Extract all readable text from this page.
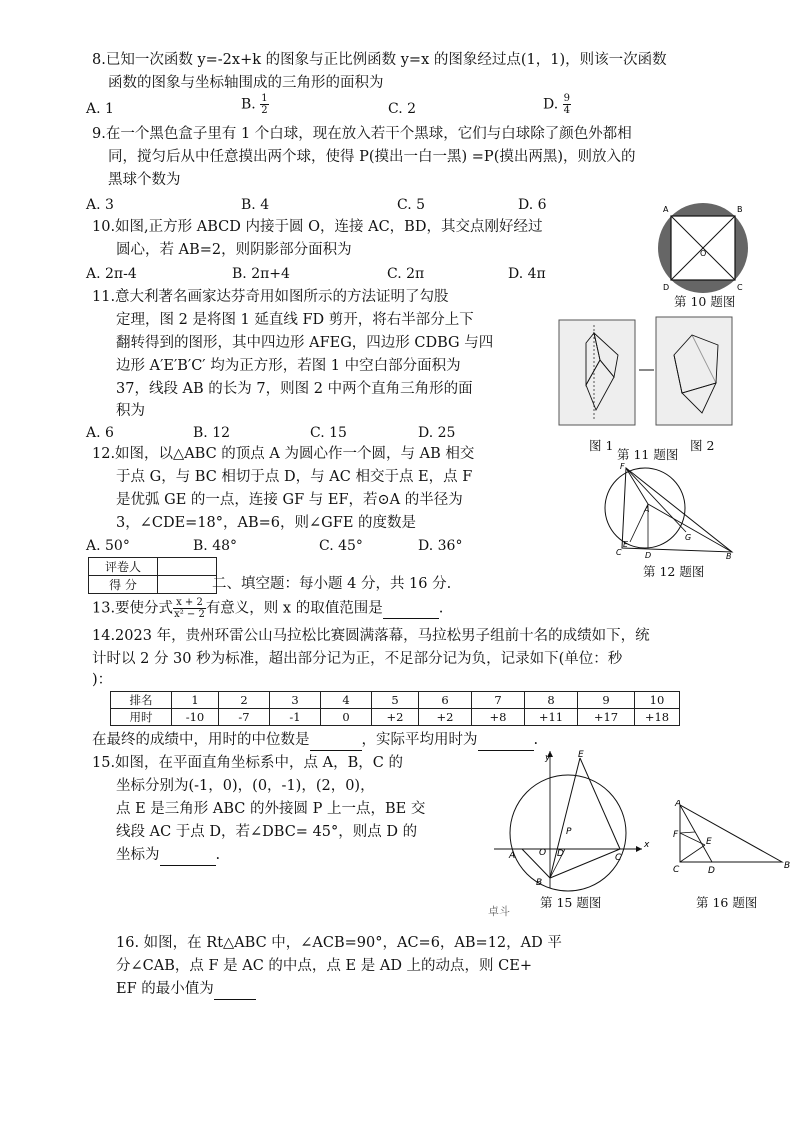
8.已知一次函数 y=-2x+k 的图象与正比例函数 y=x 的图象经过点(1，1)，则该一次函数
函数的图象与坐标轴围成的三角形的面积为
A. 1	B. $\frac{1}{2}$	C. 2	D. $\frac{9}{4}$
9.在一个黑色盒子里有 1 个白球，现在放入若干个黑球，它们与白球除了颜色外都相
同，搅匀后从中任意摸出两个球，使得 P(摸出一白一黑) =P(摸出两黑)，则放入的
黑球个数为
A. 3	B. 4	C. 5	D. 6
10.如图,正方形 ABCD 内接于圆 O，连接 AC，BD，其交点刚好经过
圆心，若 AB=2，则阴影部分面积为
A. 2π-4	B. 2π+4	C. 2π	D. 4π
A	B
C
D
O
第 10 题图
11.意大利著名画家达芬奇用如图所示的方法证明了勾股
定理，图 2 是将图 1 延直线 FD 剪开，将右半部分上下
翻转得到的图形，其中四边形 AFEG，四边形 CDBG 与四
边形 A′E′B′C′ 均为正方形，若图 1 中空白部分面积为
37，线段 AB 的长为 7，则图 2 中两个直角三角形的面
积为
A. 6	B. 12	C. 15	D. 25
图 1	图 2
第 11 题图
12.如图，以△ABC 的顶点 A 为圆心作一个圆，与 AB 相交
于点 G，与 BC 相切于点 D，与 AC 相交于点 E，点 F
是优弧 GE 的一点，连接 GF 与 EF，若⊙A 的半径为
3，∠CDE=18°，AB=6，则∠GFE 的度数是
A. 50°	B. 48°	C. 45°	D. 36°
F
A
G
E
C	D	B
第 12 题图
评卷人	
得 分		二、填空题：每小题 4 分，共 16 分.
13.要使分式 $\frac{x + 2}{\text{x² − 2}}$ 有意义，则 x 的取值范围是	.
14.2023 年，贵州环雷公山马拉松比赛圆满落幕，马拉松男子组前十名的成绩如下，统
计时以 2 分 30 秒为标准，超出部分记为正，不足部分记为负，记录如下(单位：秒
)：
排名	1	2	3	4	5	6	7	8	9	10
用时	-10	-7	-1	0	+2	+2	+8	+11	+17	+18
在最终的成绩中，用时的中位数是	，实际平均用时为	.
15.如图，在平面直角坐标系中，点 A，B，C 的
坐标分别为(-1，0)，(0，-1)，(2，0)，
点 E 是三角形 ABC 的外接圆 P 上一点，BE 交
线段 AC 于点 D，若∠DBC= 45°，则点 D 的
坐标为	.
y
x
E
P
A	O D	C
B
卓斗
第 15 题图
A
F
E
C	D	B
第 16 题图
16. 如图，在 Rt△ABC 中，∠ACB=90°，AC=6，AB=12，AD 平
分∠CAB，点 F 是 AC 的中点，点 E 是 AD 上的动点，则 CE+
EF 的最小值为
